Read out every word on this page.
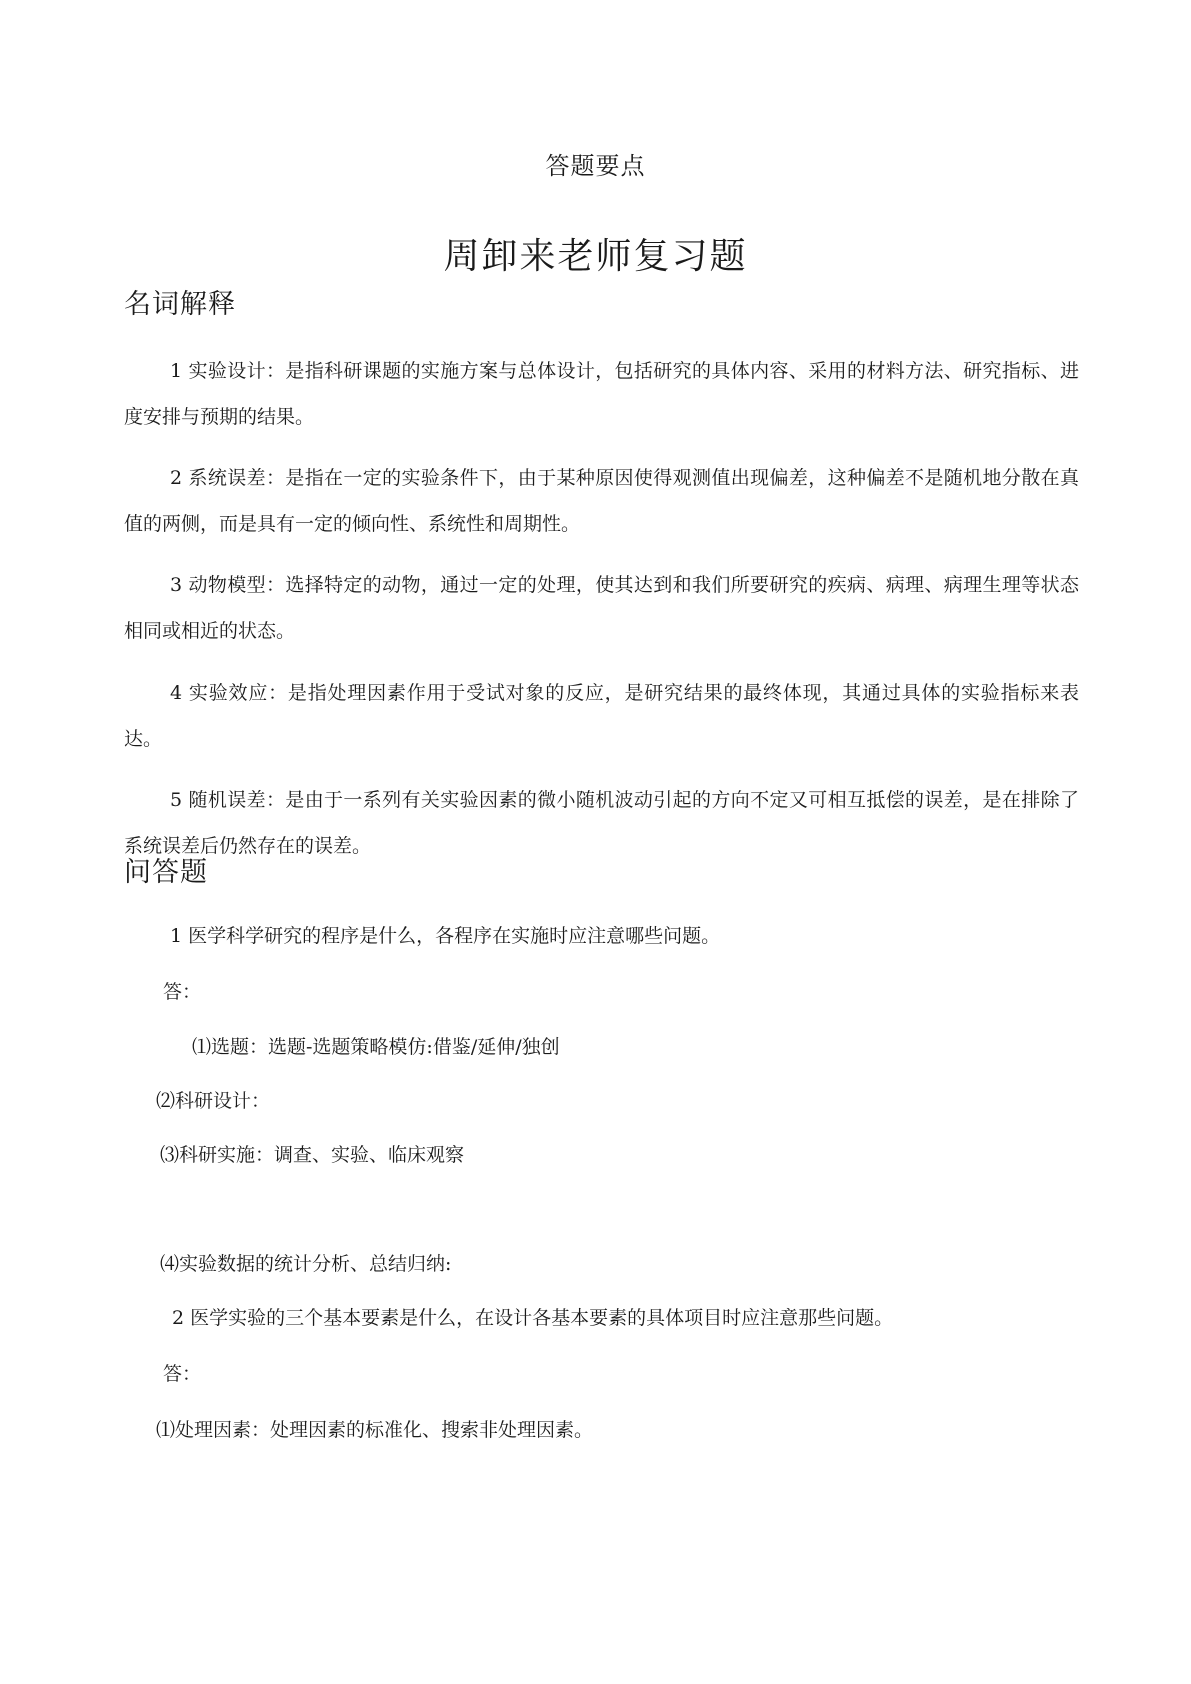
答题要点
周卸来老师复习题
名词解释
1 实验设计：是指科研课题的实施方案与总体设计，包括研究的具体内容、采用的材料方法、研究指标、进度安排与预期的结果。
2 系统误差：是指在一定的实验条件下，由于某种原因使得观测值出现偏差，这种偏差不是随机地分散在真值的两侧，而是具有一定的倾向性、系统性和周期性。
3 动物模型：选择特定的动物，通过一定的处理，使其达到和我们所要研究的疾病、病理、病理生理等状态相同或相近的状态。
4 实验效应：是指处理因素作用于受试对象的反应，是研究结果的最终体现，其通过具体的实验指标来表达。
5 随机误差：是由于一系列有关实验因素的微小随机波动引起的方向不定又可相互抵偿的误差，是在排除了系统误差后仍然存在的误差。
问答题
1 医学科学研究的程序是什么，各程序在实施时应注意哪些问题。
答：
⑴选题：选题-选题策略模仿:借鉴/延伸/独创
⑵科研设计：
⑶科研实施：调查、实验、临床观察
⑷实验数据的统计分析、总结归纳:
2 医学实验的三个基本要素是什么，在设计各基本要素的具体项目时应注意那些问题。
答：
⑴处理因素：处理因素的标准化、搜索非处理因素。
